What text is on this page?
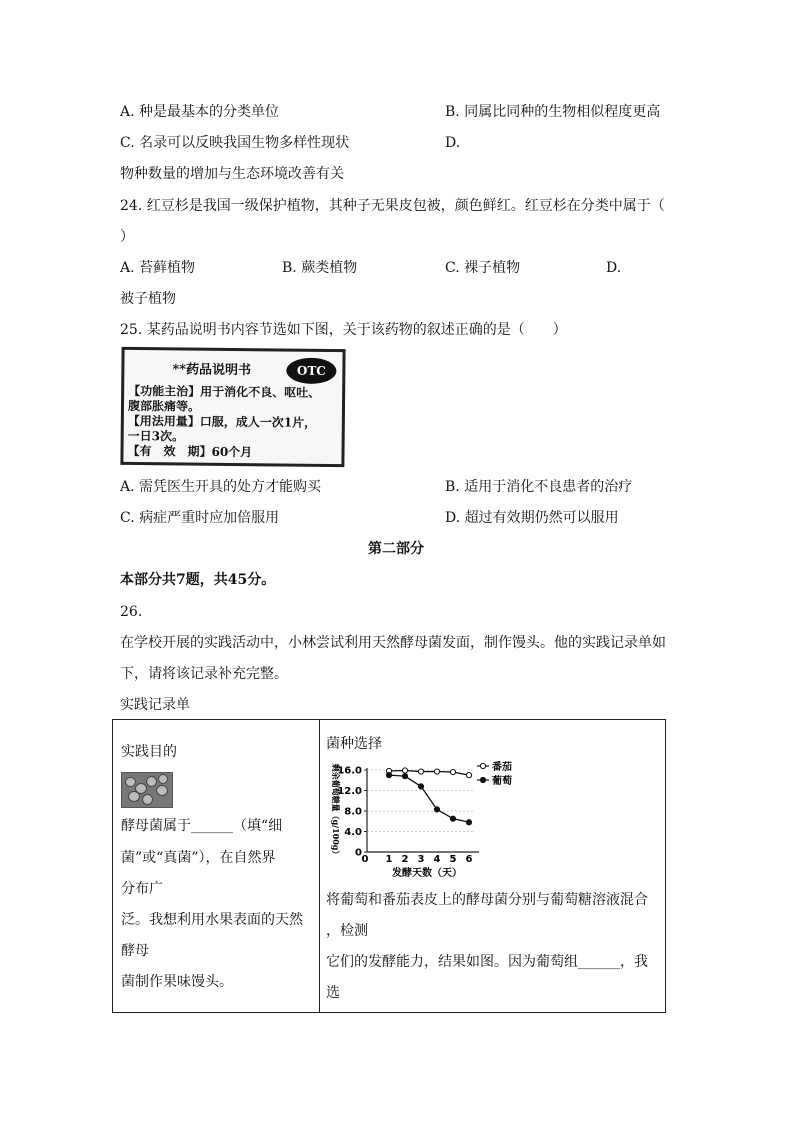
A. 种是最基本的分类单位	B. 同属比同种的生物相似程度更高
C. 名录可以反映我国生物多样性现状	D.
物种数量的增加与生态环境改善有关
24. 红豆杉是我国一级保护植物，其种子无果皮包被，颜色鲜红。红豆杉在分类中属于（
）
A. 苔藓植物	B. 蕨类植物	C. 裸子植物	D.
被子植物
25. 某药品说明书内容节选如下图，关于该药物的叙述正确的是（　　）
**药品说明书	OTC
【功能主治】用于消化不良、呕吐、
腹部胀痛等。
【用法用量】口服，成人一次1片，
一日3次。
【有　效　期】60个月
A. 需凭医生开具的处方才能购买	B. 适用于消化不良患者的治疗
C. 病症严重时应加倍服用	D. 超过有效期仍然可以服用
第二部分
本部分共7题，共45分。
26.
在学校开展的实践活动中，小林尝试利用天然酵母菌发面，制作馒头。他的实践记录单如
下，请将该记录补充完整。
实践记录单
实践目的
酵母菌属于______（填“细
菌”或“真菌”），在自然界
分布广
泛。我想利用水果表面的天然
酵母
菌制作果味馒头。
菌种选择
0
4.0
8.0
12.0
16.0
0 1 2 3 4 5 6
发酵天数（天）
剩余葡萄糖量（g/100g）	番茄
葡萄
将葡萄和番茄表皮上的酵母菌分别与葡萄糖溶液混合
，检测
它们的发酵能力，结果如图。因为葡萄组______，我
选
